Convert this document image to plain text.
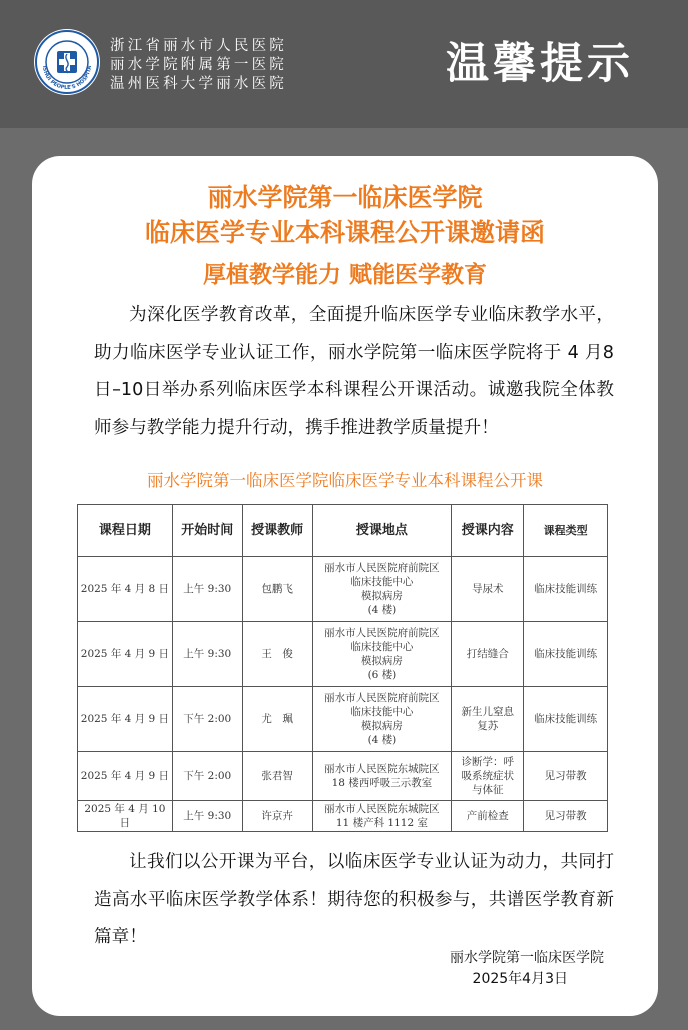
ISHUI PEOPLE'S HOSPITA
浙江省丽水市人民医院
丽水学院附属第一医院
温州医科大学丽水医院	温馨提示
丽水学院第一临床医学院
临床医学专业本科课程公开课邀请函
厚植教学能力 赋能医学教育
为深化医学教育改革，全面提升临床医学专业临床教学水平，助力临床医学专业认证工作，丽水学院第一临床医学院将于 4 月8日–10日举办系列临床医学本科课程公开课活动。诚邀我院全体教师参与教学能力提升行动，携手推进教学质量提升！
丽水学院第一临床医学院临床医学专业本科课程公开课
课程日期	开始时间	授课教师	授课地点	授课内容	课程类型
2025 年 4 月 8 日	上午 9:30	包鹏飞	丽水市人民医院府前院区
临床技能中心
模拟病房
(4 楼)	导尿术	临床技能训练
2025 年 4 月 9 日	上午 9:30	王　俊	丽水市人民医院府前院区
临床技能中心
模拟病房
(6 楼)	打结缝合	临床技能训练
2025 年 4 月 9 日	下午 2:00	尤　珮	丽水市人民医院府前院区
临床技能中心
模拟病房
(4 楼)	新生儿窒息
复苏	临床技能训练
2025 年 4 月 9 日	下午 2:00	张君智	丽水市人民医院东城院区
18 楼西呼吸三示教室	诊断学：呼
吸系统症状
与体征	见习带教
2025 年 4 月 10 日	上午 9:30	许京卉	丽水市人民医院东城院区
11 楼产科 1112 室	产前检查	见习带教
让我们以公开课为平台，以临床医学专业认证为动力，共同打造高水平临床医学教学体系！期待您的积极参与，共谱医学教育新篇章！
丽水学院第一临床医学院
2025年4月3日
